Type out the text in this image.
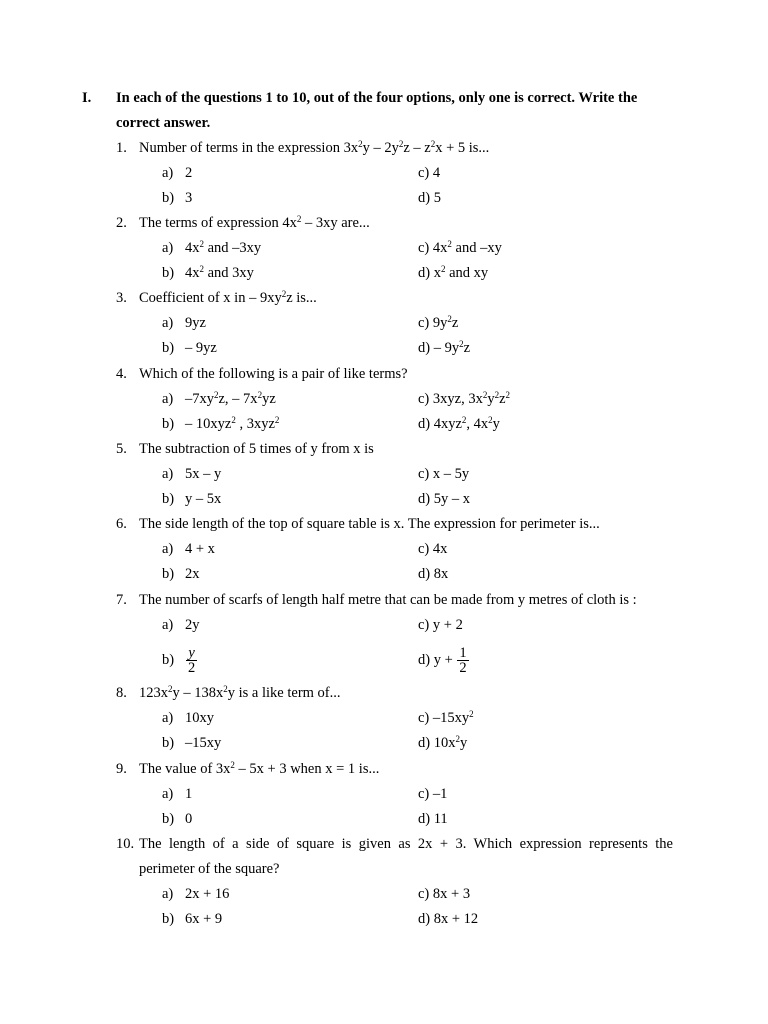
I. In each of the questions 1 to 10, out of the four options, only one is correct. Write the correct answer.
1. Number of terms in the expression $3x^2y - 2y^2z - z^2x + 5$ is...
a) 2
b) 3
c) 4
d) 5
2. The terms of expression $4x^2 - 3xy$ are...
a) $4x^2$ and –3xy
b) $4x^2$ and 3xy
c) $4x^2$ and –xy
d) $x^2$ and xy
3. Coefficient of x in – $9xy^2z$ is...
a) 9yz
b) – 9yz
c) $9y^2z$
$d) - 9y^2z$
4. Which of the following is a pair of like terms?
a) $-7xy^2z$, – $7x^2yz$
b) – 10xyz$^2$ , 3xyz$^2$
c) 3xyz, $3x^2y^2z^2$
d) 4xyz$^2$, $4x^2y$
5. The subtraction of 5 times of y from x is
a) 5x – y
b) y – 5x
c) x – 5y
d) 5y – x
6. The side length of the top of square table is x. The expression for perimeter is...
a) 4 + x
b) 2x
c) 4x
d) 8x
7. The number of scarfs of length half metre that can be made from y metres of cloth is :
a) 2y
$b) \frac{y}{2}$
c) y + 2
d) $y + \frac{1}{2}$
8. $123x^2y - 138x^2y$ is a like term of...
a) 10xy
b) –15xy
c) $-15xy^2$
d) $10x^2y$
9. The value of $3x^2 - 5x + 3$ when x = 1 is...
a) 1
b) 0
c) –1
d) 11
10. The length of a side of square is given as 2x + 3. Which expression represents the
perimeter of the square?
a) 2x + 16
b) 6x + 9
c) 8x + 3
d) 8x + 12
